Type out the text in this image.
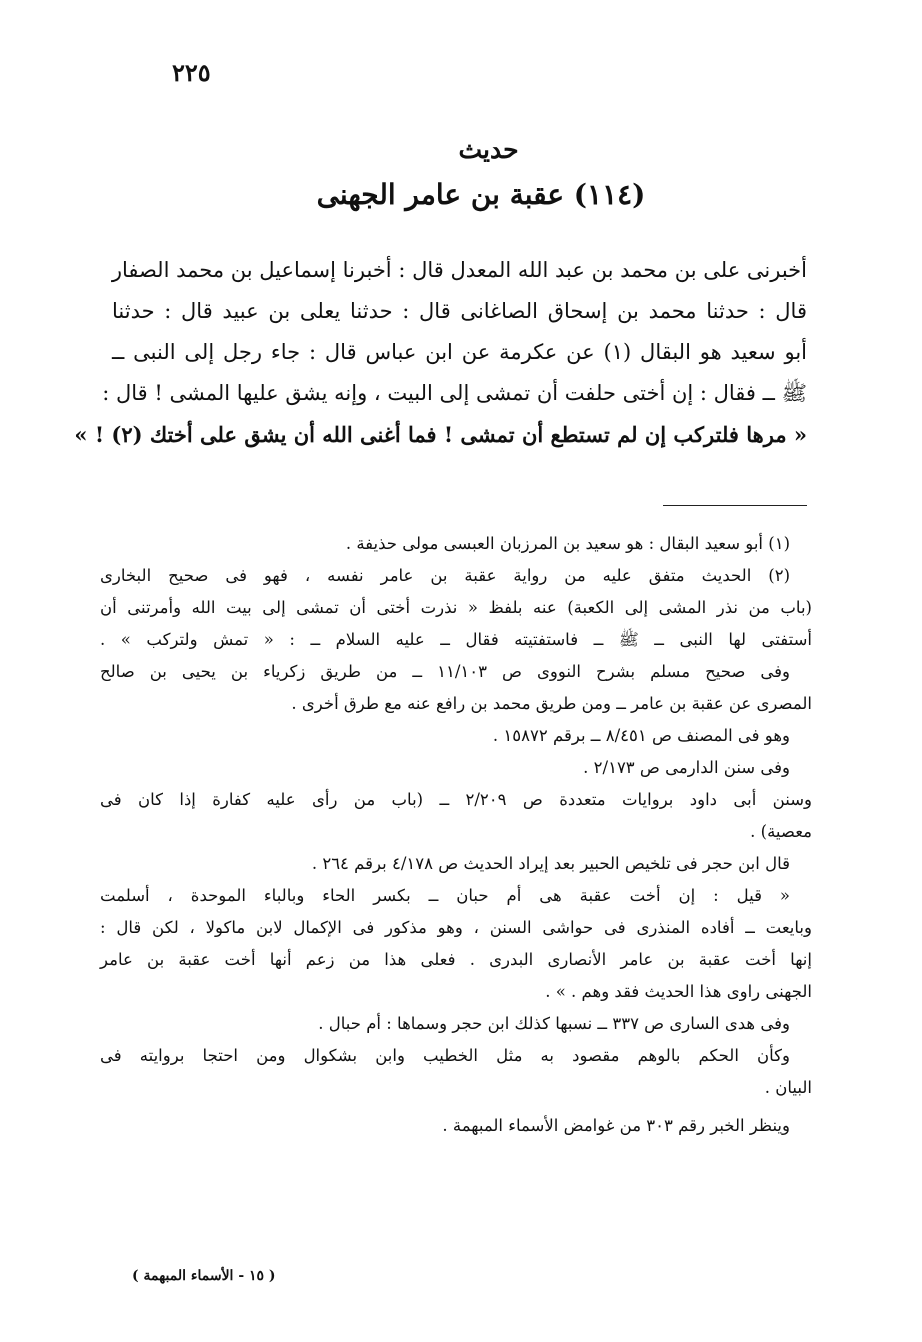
٢٢٥
حديث
(١١٤) عقبة بن عامر الجهنى
أخبرنى على بن محمد بن عبد الله المعدل قال : أخبرنا إسماعيل بن محمد الصفار
قال : حدثنا محمد بن إسحاق الصاغانى قال : حدثنا يعلى بن عبيد قال : حدثنا
أبو سعيد هو البقال (١) عن عكرمة عن ابن عباس قال : جاء رجل إلى النبى ــ
ﷺ ــ فقال : إن أختى حلفت أن تمشى إلى البيت ، وإنه يشق عليها المشى ! قال :
« مرها فلتركب إن لم تستطع أن تمشى ! فما أغنى الله أن يشق على أختك (٢) ! »
(١) أبو سعيد البقال : هو سعيد بن المرزبان العبسى مولى حذيفة .
(٢) الحديث متفق عليه من رواية عقبة بن عامر نفسه ، فهو فى صحيح البخارى
(باب من نذر المشى إلى الكعبة) عنه بلفظ « نذرت أختى أن تمشى إلى بيت الله وأمرتنى أن
أستفتى لها النبى ــ ﷺ ــ فاستفتيته فقال ــ عليه السلام ــ : « تمش ولتركب » .
وفى صحيح مسلم بشرح النووى ص ١١/١٠٣ ــ من طريق زكرياء بن يحيى بن صالح
المصرى عن عقبة بن عامر ــ ومن طريق محمد بن رافع عنه مع طرق أخرى .
وهو فى المصنف ص ٨/٤٥١ ــ برقم ١٥٨٧٢ .
وفى سنن الدارمى ص ٢/١٧٣ .
وسنن أبى داود بروايات متعددة ص ٢/٢٠٩ ــ (باب من رأى عليه كفارة إذا كان فى
معصية) .
قال ابن حجر فى تلخيص الحبير بعد إيراد الحديث ص ٤/١٧٨ برقم ٢٦٤ .
« قيل : إن أخت عقبة هى أم حبان ــ بكسر الحاء وبالباء الموحدة ، أسلمت
وبايعت ــ أفاده المنذرى فى حواشى السنن ، وهو مذكور فى الإكمال لابن ماكولا ، لكن قال :
إنها أخت عقبة بن عامر الأنصارى البدرى . فعلى هذا من زعم أنها أخت عقبة بن عامر
الجهنى راوى هذا الحديث فقد وهم . » .
وفى هدى السارى ص ٣٣٧ ــ نسبها كذلك ابن حجر وسماها : أم حبال .
وكأن الحكم بالوهم مقصود به مثل الخطيب وابن بشكوال ومن احتجا بروايته فى
البيان .
وينظر الخبر رقم ٣٠٣ من غوامض الأسماء المبهمة .
( ١٥ - الأسماء المبهمة )
